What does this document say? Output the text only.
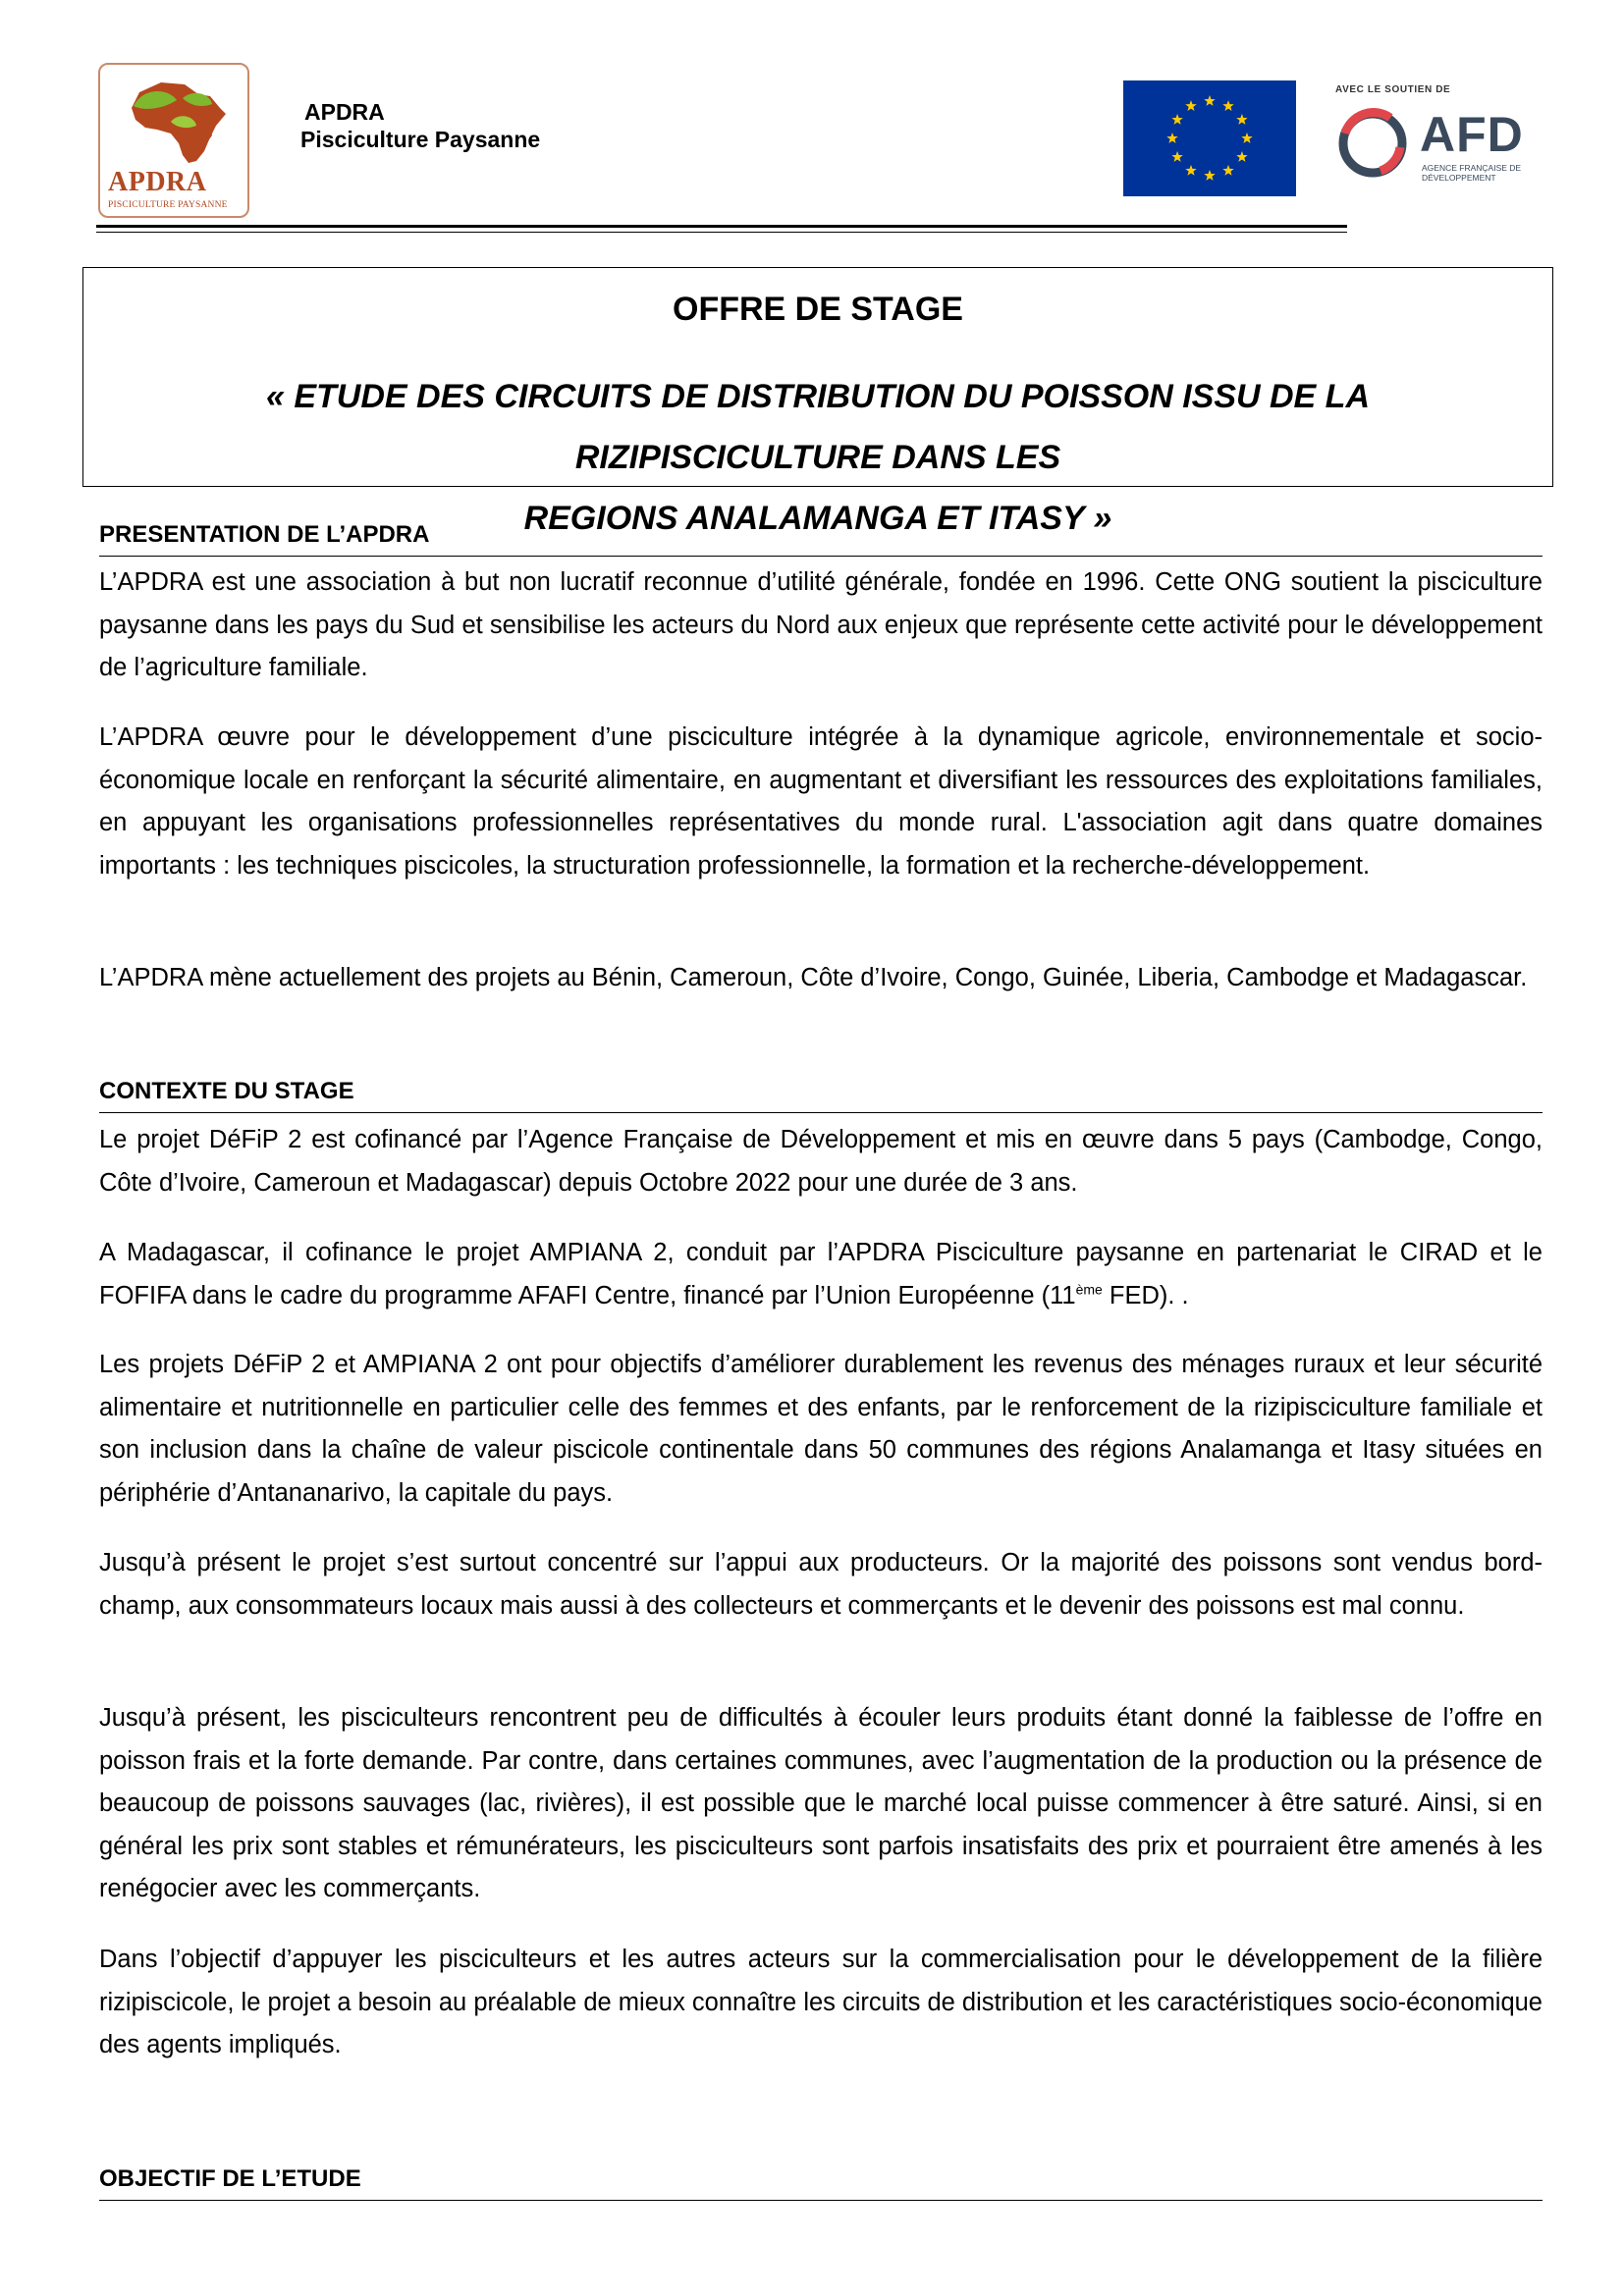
APDRA
PISCICULTURE PAYSANNE
APDRA
Pisciculture Paysanne
AVEC LE SOUTIEN DE
AFD
AGENCE FRANÇAISE DE DÉVELOPPEMENT
OFFRE DE STAGE
« ETUDE DES CIRCUITS DE DISTRIBUTION DU POISSON ISSU DE LA RIZIPISCICULTURE DANS LES
REGIONS ANALAMANGA ET ITASY »
PRESENTATION DE L’APDRA
L’APDRA est une association à but non lucratif reconnue d’utilité générale, fondée en 1996. Cette ONG soutient la pisciculture paysanne dans les pays du Sud et sensibilise les acteurs du Nord aux enjeux que représente cette activité pour le développement de l’agriculture familiale.
L’APDRA œuvre pour le développement d’une pisciculture intégrée à la dynamique agricole, environnementale et socio-économique locale en renforçant la sécurité alimentaire, en augmentant et diversifiant les ressources des exploitations familiales, en appuyant les organisations professionnelles représentatives du monde rural. L'association agit dans quatre domaines importants : les techniques piscicoles, la structuration professionnelle, la formation et la recherche-développement.
L’APDRA mène actuellement des projets au Bénin, Cameroun, Côte d’Ivoire, Congo, Guinée, Liberia, Cambodge et Madagascar.
CONTEXTE DU STAGE
Le projet DéFiP 2 est cofinancé par l’Agence Française de Développement et mis en œuvre dans 5 pays (Cambodge, Congo, Côte d’Ivoire, Cameroun et Madagascar) depuis Octobre 2022 pour une durée de 3 ans.
A Madagascar, il cofinance le projet AMPIANA 2, conduit par l’APDRA Pisciculture paysanne en partenariat le CIRAD et le FOFIFA dans le cadre du programme AFAFI Centre, financé par l’Union Européenne (11ème FED). .
Les projets DéFiP 2 et AMPIANA 2 ont pour objectifs d’améliorer durablement les revenus des ménages ruraux et leur sécurité alimentaire et nutritionnelle en particulier celle des femmes et des enfants, par le renforcement de la rizipisciculture familiale et son inclusion dans la chaîne de valeur piscicole continentale dans 50 communes des régions Analamanga et Itasy situées en périphérie d’Antananarivo, la capitale du pays.
Jusqu’à présent le projet s’est surtout concentré sur l’appui aux producteurs. Or la majorité des poissons sont vendus bord-champ, aux consommateurs locaux mais aussi à des collecteurs et commerçants et le devenir des poissons est mal connu.
Jusqu’à présent, les pisciculteurs rencontrent peu de difficultés à écouler leurs produits étant donné la faiblesse de l’offre en poisson frais et la forte demande. Par contre, dans certaines communes, avec l’augmentation de la production ou la présence de beaucoup de poissons sauvages (lac, rivières), il est possible que le marché local puisse commencer à être saturé. Ainsi, si en général les prix sont stables et rémunérateurs, les pisciculteurs sont parfois insatisfaits des prix et pourraient être amenés à les renégocier avec les commerçants.
Dans l’objectif d’appuyer les pisciculteurs et les autres acteurs sur la commercialisation pour le développement de la filière rizipiscicole, le projet a besoin au préalable de mieux connaître les circuits de distribution et les caractéristiques socio-économique des agents impliqués.
OBJECTIF DE L’ETUDE
